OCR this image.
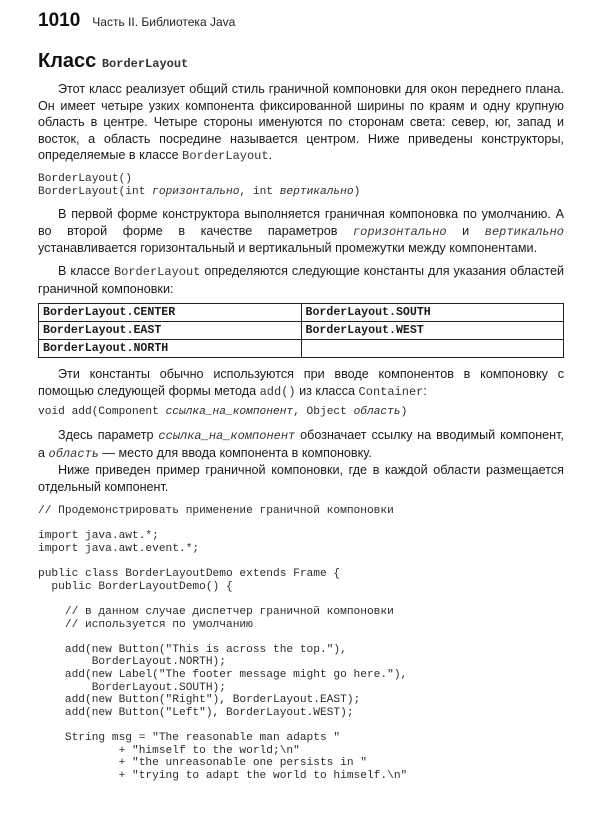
1010 Часть II. Библиотека Java
Класс BorderLayout

Этот класс реализует общий стиль граничной компоновки для окон переднего плана. Он имеет четыре узких компонента фиксированной ширины по краям и одну крупную область в центре. Четыре стороны именуются по сторонам света: север, юг, запад и восток, а область посредине называется центром. Ниже приведены конструкторы, определяемые в классе BorderLayout.

BorderLayout()
BorderLayout(int горизонтально, int вертикально)

В первой форме конструктора выполняется граничная компоновка по умолчанию. А во второй форме в качестве параметров горизонтально и вертикально устанавливается горизонтальный и вертикальный промежутки между компонентами.

В классе BorderLayout определяются следующие константы для указания областей граничной компоновки:

BorderLayout.CENTER	BorderLayout.SOUTH
BorderLayout.EAST	BorderLayout.WEST
BorderLayout.NORTH	

Эти константы обычно используются при вводе компонентов в компоновку с помощью следующей формы метода add() из класса Container:

void add(Component ссылка_на_компонент, Object область)

Здесь параметр ссылка_на_компонент обозначает ссылку на вводимый компонент, а область — место для ввода компонента в компоновку.

Ниже приведен пример граничной компоновки, где в каждой области размещается отдельный компонент.

// Продемонстрировать применение граничной компоновки

import java.awt.*;
import java.awt.event.*;

public class BorderLayoutDemo extends Frame {
public BorderLayoutDemo() {

// в данном случае диспетчер граничной компоновки
// используется по умолчанию

add(new Button("This is across the top."),
BorderLayout.NORTH);
add(new Label("The footer message might go here."),
BorderLayout.SOUTH);
add(new Button("Right"), BorderLayout.EAST);
add(new Button("Left"), BorderLayout.WEST);

String msg = "The reasonable man adapts "
+ "himself to the world;\n"
+ "the unreasonable one persists in "
+ "trying to adapt the world to himself.\n"
